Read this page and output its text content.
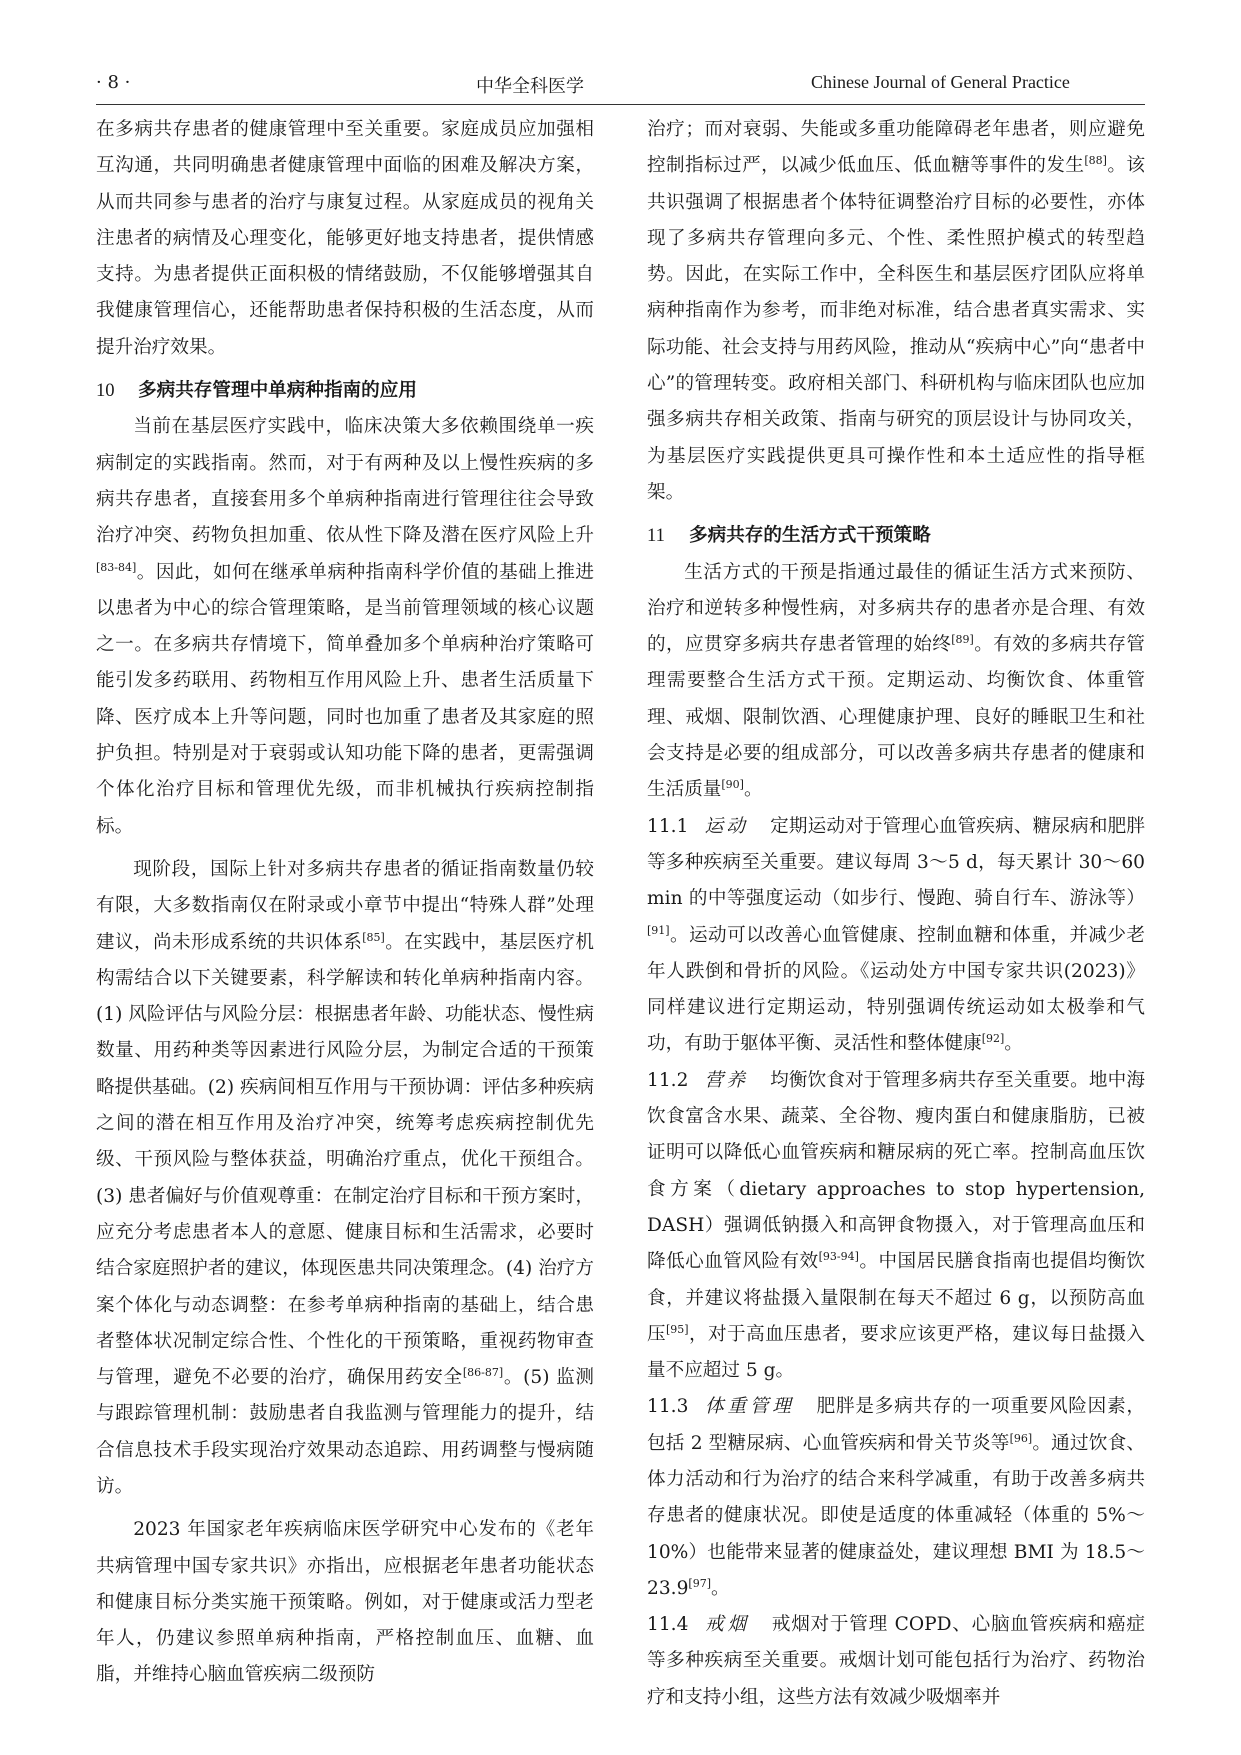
· 8 ·	中华全科医学	Chinese Journal of General Practice

在多病共存患者的健康管理中至关重要。家庭成员应加强相互沟通，共同明确患者健康管理中面临的困难及解决方案，从而共同参与患者的治疗与康复过程。从家庭成员的视角关注患者的病情及心理变化，能够更好地支持患者，提供情感支持。为患者提供正面积极的情绪鼓励，不仅能够增强其自我健康管理信心，还能帮助患者保持积极的生活态度，从而提升治疗效果。

10 多病共存管理中单病种指南的应用

当前在基层医疗实践中，临床决策大多依赖围绕单一疾病制定的实践指南。然而，对于有两种及以上慢性疾病的多病共存患者，直接套用多个单病种指南进行管理往往会导致治疗冲突、药物负担加重、依从性下降及潜在医疗风险上升[83-84]。因此，如何在继承单病种指南科学价值的基础上推进以患者为中心的综合管理策略，是当前管理领域的核心议题之一。在多病共存情境下，简单叠加多个单病种治疗策略可能引发多药联用、药物相互作用风险上升、患者生活质量下降、医疗成本上升等问题，同时也加重了患者及其家庭的照护负担。特别是对于衰弱或认知功能下降的患者，更需强调个体化治疗目标和管理优先级，而非机械执行疾病控制指标。

现阶段，国际上针对多病共存患者的循证指南数量仍较有限，大多数指南仅在附录或小章节中提出“特殊人群”处理建议，尚未形成系统的共识体系[85]。在实践中，基层医疗机构需结合以下关键要素，科学解读和转化单病种指南内容。(1) 风险评估与风险分层：根据患者年龄、功能状态、慢性病数量、用药种类等因素进行风险分层，为制定合适的干预策略提供基础。(2) 疾病间相互作用与干预协调：评估多种疾病之间的潜在相互作用及治疗冲突，统筹考虑疾病控制优先级、干预风险与整体获益，明确治疗重点，优化干预组合。(3) 患者偏好与价值观尊重：在制定治疗目标和干预方案时，应充分考虑患者本人的意愿、健康目标和生活需求，必要时结合家庭照护者的建议，体现医患共同决策理念。(4) 治疗方案个体化与动态调整：在参考单病种指南的基础上，结合患者整体状况制定综合性、个性化的干预策略，重视药物审查与管理，避免不必要的治疗，确保用药安全[86-87]。(5) 监测与跟踪管理机制：鼓励患者自我监测与管理能力的提升，结合信息技术手段实现治疗效果动态追踪、用药调整与慢病随访。

2023 年国家老年疾病临床医学研究中心发布的《老年共病管理中国专家共识》亦指出，应根据老年患者功能状态和健康目标分类实施干预策略。例如，对于健康或活力型老年人，仍建议参照单病种指南，严格控制血压、血糖、血脂，并维持心脑血管疾病二级预防

治疗；而对衰弱、失能或多重功能障碍老年患者，则应避免控制指标过严，以减少低血压、低血糖等事件的发生[88]。该共识强调了根据患者个体特征调整治疗目标的必要性，亦体现了多病共存管理向多元、个性、柔性照护模式的转型趋势。因此，在实际工作中，全科医生和基层医疗团队应将单病种指南作为参考，而非绝对标准，结合患者真实需求、实际功能、社会支持与用药风险，推动从“疾病中心”向“患者中心”的管理转变。政府相关部门、科研机构与临床团队也应加强多病共存相关政策、指南与研究的顶层设计与协同攻关，为基层医疗实践提供更具可操作性和本土适应性的指导框架。

11 多病共存的生活方式干预策略

生活方式的干预是指通过最佳的循证生活方式来预防、治疗和逆转多种慢性病，对多病共存的患者亦是合理、有效的，应贯穿多病共存患者管理的始终[89]。有效的多病共存管理需要整合生活方式干预。定期运动、均衡饮食、体重管理、戒烟、限制饮酒、心理健康护理、良好的睡眠卫生和社会支持是必要的组成部分，可以改善多病共存患者的健康和生活质量[90]。

11.1 运动 定期运动对于管理心血管疾病、糖尿病和肥胖等多种疾病至关重要。建议每周 3～5 d，每天累计 30～60 min 的中等强度运动（如步行、慢跑、骑自行车、游泳等）[91]。运动可以改善心血管健康、控制血糖和体重，并减少老年人跌倒和骨折的风险。《运动处方中国专家共识(2023)》同样建议进行定期运动，特别强调传统运动如太极拳和气功，有助于躯体平衡、灵活性和整体健康[92]。

11.2 营养 均衡饮食对于管理多病共存至关重要。地中海饮食富含水果、蔬菜、全谷物、瘦肉蛋白和健康脂肪，已被证明可以降低心血管疾病和糖尿病的死亡率。控制高血压饮食方案（dietary approaches to stop hypertension, DASH）强调低钠摄入和高钾食物摄入，对于管理高血压和降低心血管风险有效[93-94]。中国居民膳食指南也提倡均衡饮食，并建议将盐摄入量限制在每天不超过 6 g，以预防高血压[95]，对于高血压患者，要求应该更严格，建议每日盐摄入量不应超过 5 g。

11.3 体重管理 肥胖是多病共存的一项重要风险因素，包括 2 型糖尿病、心血管疾病和骨关节炎等[96]。通过饮食、体力活动和行为治疗的结合来科学减重，有助于改善多病共存患者的健康状况。即使是适度的体重减轻（体重的 5%～10%）也能带来显著的健康益处，建议理想 BMI 为 18.5～23.9[97]。

11.4 戒烟 戒烟对于管理 COPD、心脑血管疾病和癌症等多种疾病至关重要。戒烟计划可能包括行为治疗、药物治疗和支持小组，这些方法有效减少吸烟率并
